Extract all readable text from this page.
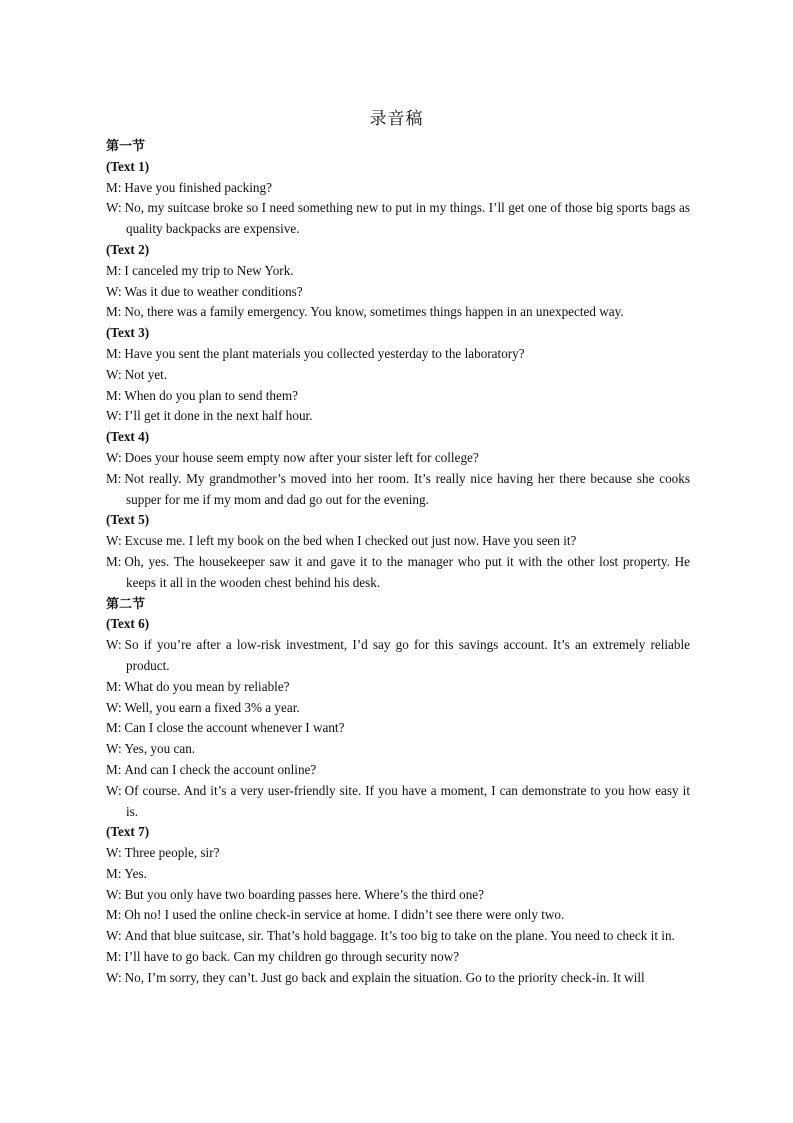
录音稿
第一节
(Text 1)
M: Have you finished packing?
W: No, my suitcase broke so I need something new to put in my things. I’ll get one of those big sports bags as quality backpacks are expensive.
(Text 2)
M: I canceled my trip to New York.
W: Was it due to weather conditions?
M: No, there was a family emergency. You know, sometimes things happen in an unexpected way.
(Text 3)
M: Have you sent the plant materials you collected yesterday to the laboratory?
W: Not yet.
M: When do you plan to send them?
W: I’ll get it done in the next half hour.
(Text 4)
W: Does your house seem empty now after your sister left for college?
M: Not really. My grandmother’s moved into her room. It’s really nice having her there because she cooks supper for me if my mom and dad go out for the evening.
(Text 5)
W: Excuse me. I left my book on the bed when I checked out just now. Have you seen it?
M: Oh, yes. The housekeeper saw it and gave it to the manager who put it with the other lost property. He keeps it all in the wooden chest behind his desk.
第二节
(Text 6)
W: So if you’re after a low-risk investment, I’d say go for this savings account. It’s an extremely reliable product.
M: What do you mean by reliable?
W: Well, you earn a fixed 3% a year.
M: Can I close the account whenever I want?
W: Yes, you can.
M: And can I check the account online?
W: Of course. And it’s a very user-friendly site. If you have a moment, I can demonstrate to you how easy it is.
(Text 7)
W: Three people, sir?
M: Yes.
W: But you only have two boarding passes here. Where’s the third one?
M: Oh no! I used the online check-in service at home. I didn’t see there were only two.
W: And that blue suitcase, sir. That’s hold baggage. It’s too big to take on the plane. You need to check it in.
M: I’ll have to go back. Can my children go through security now?
W: No, I’m sorry, they can’t. Just go back and explain the situation. Go to the priority check-in. It will
